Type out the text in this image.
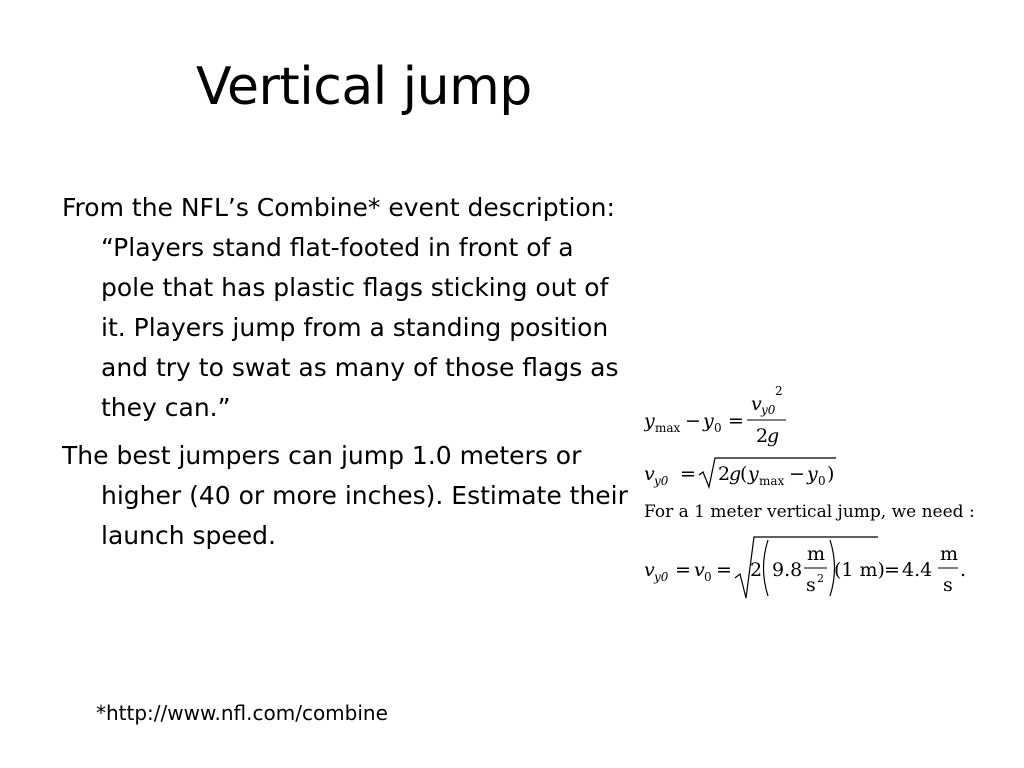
Vertical jump

From the NFL’s Combine* event description: “Players stand flat-footed in front of a pole that has plastic flags sticking out of it. Players jump from a standing position and try to swat as many of those flags as they can.”

The best jumpers can jump 1.0 meters or higher (40 or more inches). Estimate their launch speed.

y max − y 0 =
v y0
2
2
g
v y0 = 2
g
( y max − y 0 )
For a 1 meter vertical jump, we need :
v y0 = v 0 = 2 9.8
m
s 2 (1 m) = 4.4
m
s
.
*http://www.nfl.com/combine
